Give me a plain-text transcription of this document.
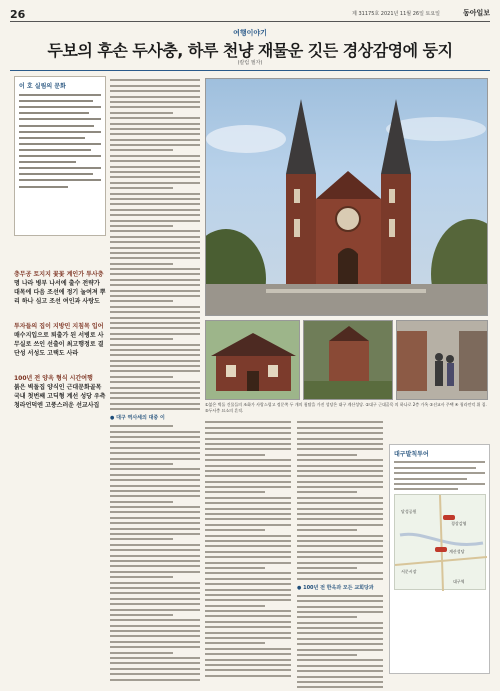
26	제 31175호 2021년 11월 26일 토요일	동아일보
여행이야기
두보의 후손 두사충, 하루 천냥 재물운 깃든 경상감영에 둥지
(칼럼 필자)
이 호 실림의 문화
충무공 토지지 꽃꽃 계인가 투사충
명 나라 병부 나서에 출수 전략가 대목에 다음 조선에 정기 눌여져 뿌리 하나 심고 조선 여인과 사랑도
투자들의 집이 지방민 지침목 입어
매수지입으로 퇴출가 된 서병로 사무실로 쓰인 선출이 최고행정로 결단성 서성도 고택도 사라
100년 전 양옥 형식 시간여행
붉은 벽돌집 양식인 근대문화골목 국내 첫번째 고딕형 계선 성당 우측 청라언덕엔 고풍스러운 선교사집
● 대구 역사세의 대중 이
①붉은 벽돌 건물들의 조화가 사랑스럽고 정문쪽 두 개의 첨탑을 가진 성당은 대구 계산성당. ②대구 근대골목 의 하나로 2층 가옥 ③선교사 주택 ④ 청라언덕 위 집. ⑤두사충 묘소의 흔적.
● 100년 전 한옥과 모든 교회당과
대구발칙투어
경상감영
계산성당
달성공원
서문시장
대구역
